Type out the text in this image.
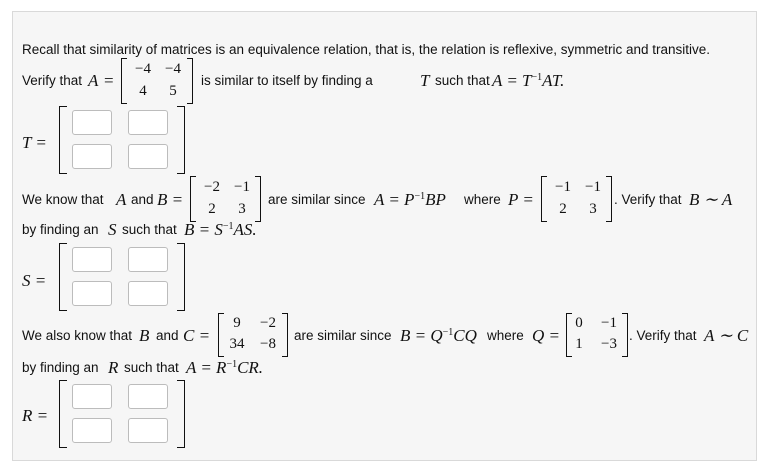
Recall that similarity of matrices is an equivalence relation, that is, the relation is reflexive, symmetric and transitive.
Verify that A =
−4 −4
4	5
is similar to itself by finding a	T such that $A = T^{-1}AT$.
T =
We know that A and B =
−2 −1
2	3
are similar since $A = P^{-1}BP$ where P =
−1 −1
2	3
. Verify that B ∼ A
by finding an S such that $B = S^{-1}AS$.
S =
We also know that B and C =
9	−2
34	−8
are similar since $B = Q^{-1}CQ$ where Q =
0	−1
1	−3
. Verify that A ∼ C
by finding an R such that $A = R^{-1}CR$.
R =
